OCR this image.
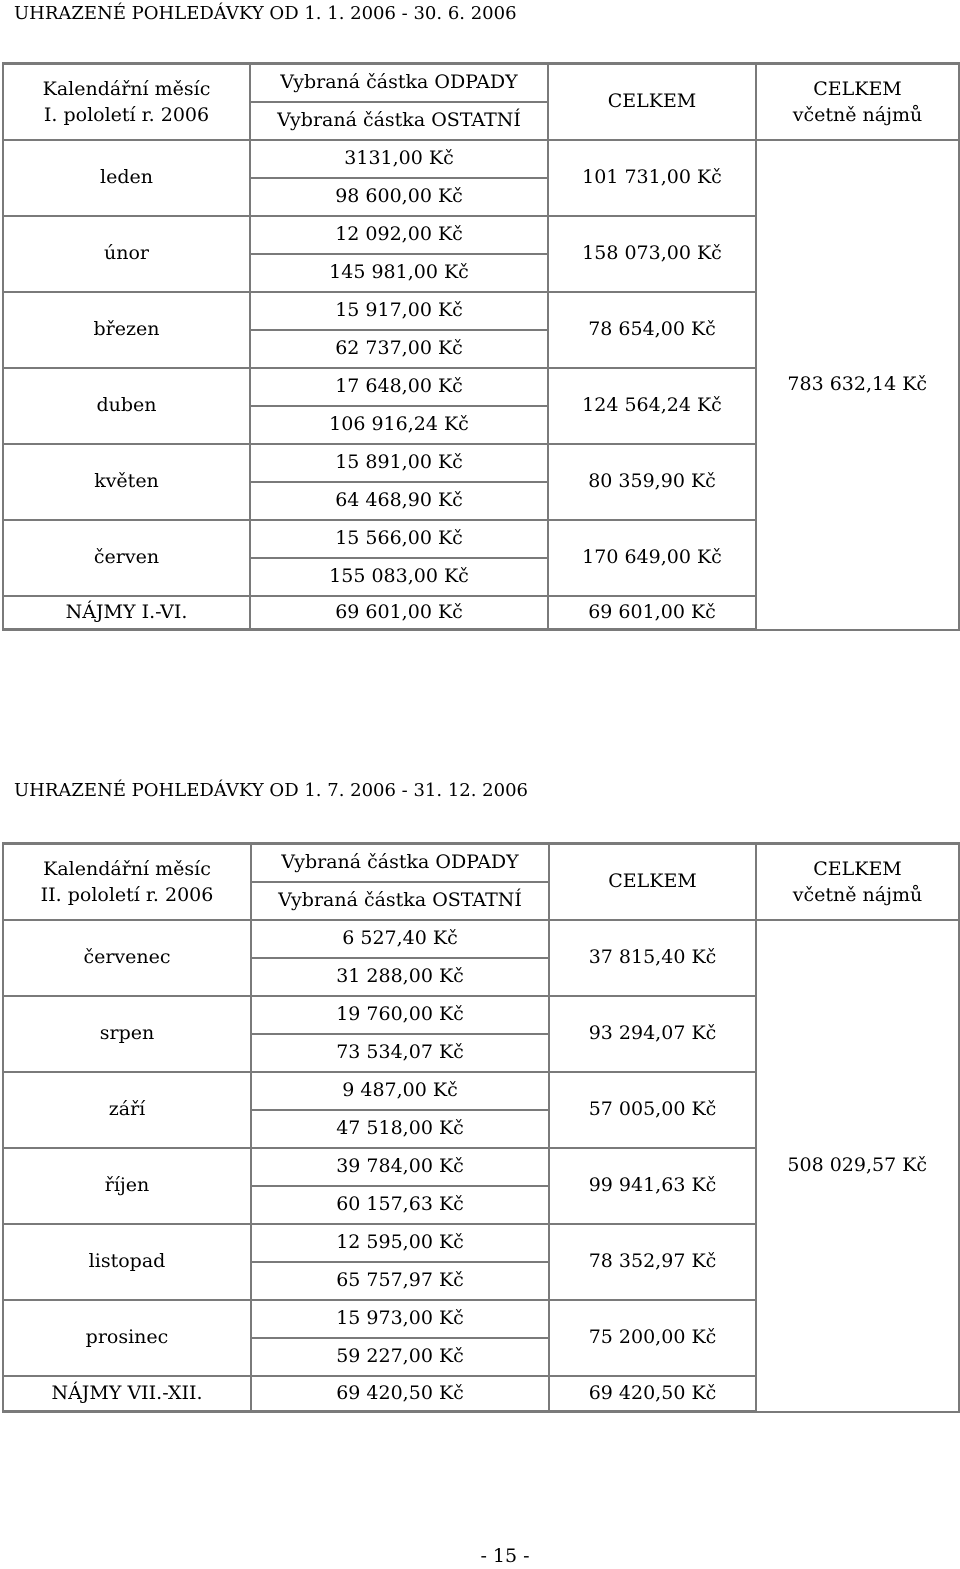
UHRAZENÉ POHLEDÁVKY OD 1. 1. 2006 - 30. 6. 2006
Kalendářní měsíc
I. pololetí r. 2006	Vybraná částka ODPADY	CELKEM	CELKEM
včetně nájmů

	Vybraná částka OSTATNÍ		
leden	3131,00 Kč	101 731,00 Kč	783 632,14 Kč
	98 600,00 Kč		
únor	12 092,00 Kč	158 073,00 Kč	
	145 981,00 Kč		
březen	15 917,00 Kč	78 654,00 Kč	
	62 737,00 Kč		
duben	17 648,00 Kč	124 564,24 Kč	
	106 916,24 Kč		
květen	15 891,00 Kč	80 359,90 Kč	
	64 468,90 Kč		
červen	15 566,00 Kč	170 649,00 Kč	
	155 083,00 Kč		
NÁJMY I.-VI.	69 601,00 Kč	69 601,00 Kč	
UHRAZENÉ POHLEDÁVKY OD 1. 7. 2006 - 31. 12. 2006
Kalendářní měsíc
II. pololetí r. 2006	Vybraná částka ODPADY	CELKEM	CELKEM
včetně nájmů

	Vybraná částka OSTATNÍ		
červenec	6 527,40 Kč	37 815,40 Kč	508 029,57 Kč
	31 288,00 Kč		
srpen	19 760,00 Kč	93 294,07 Kč	
	73 534,07 Kč		
září	9 487,00 Kč	57 005,00 Kč	
	47 518,00 Kč		
říjen	39 784,00 Kč	99 941,63 Kč	
	60 157,63 Kč		
listopad	12 595,00 Kč	78 352,97 Kč	
	65 757,97 Kč		
prosinec	15 973,00 Kč	75 200,00 Kč	
	59 227,00 Kč		
NÁJMY VII.-XII.	69 420,50 Kč	69 420,50 Kč	
- 15 -
